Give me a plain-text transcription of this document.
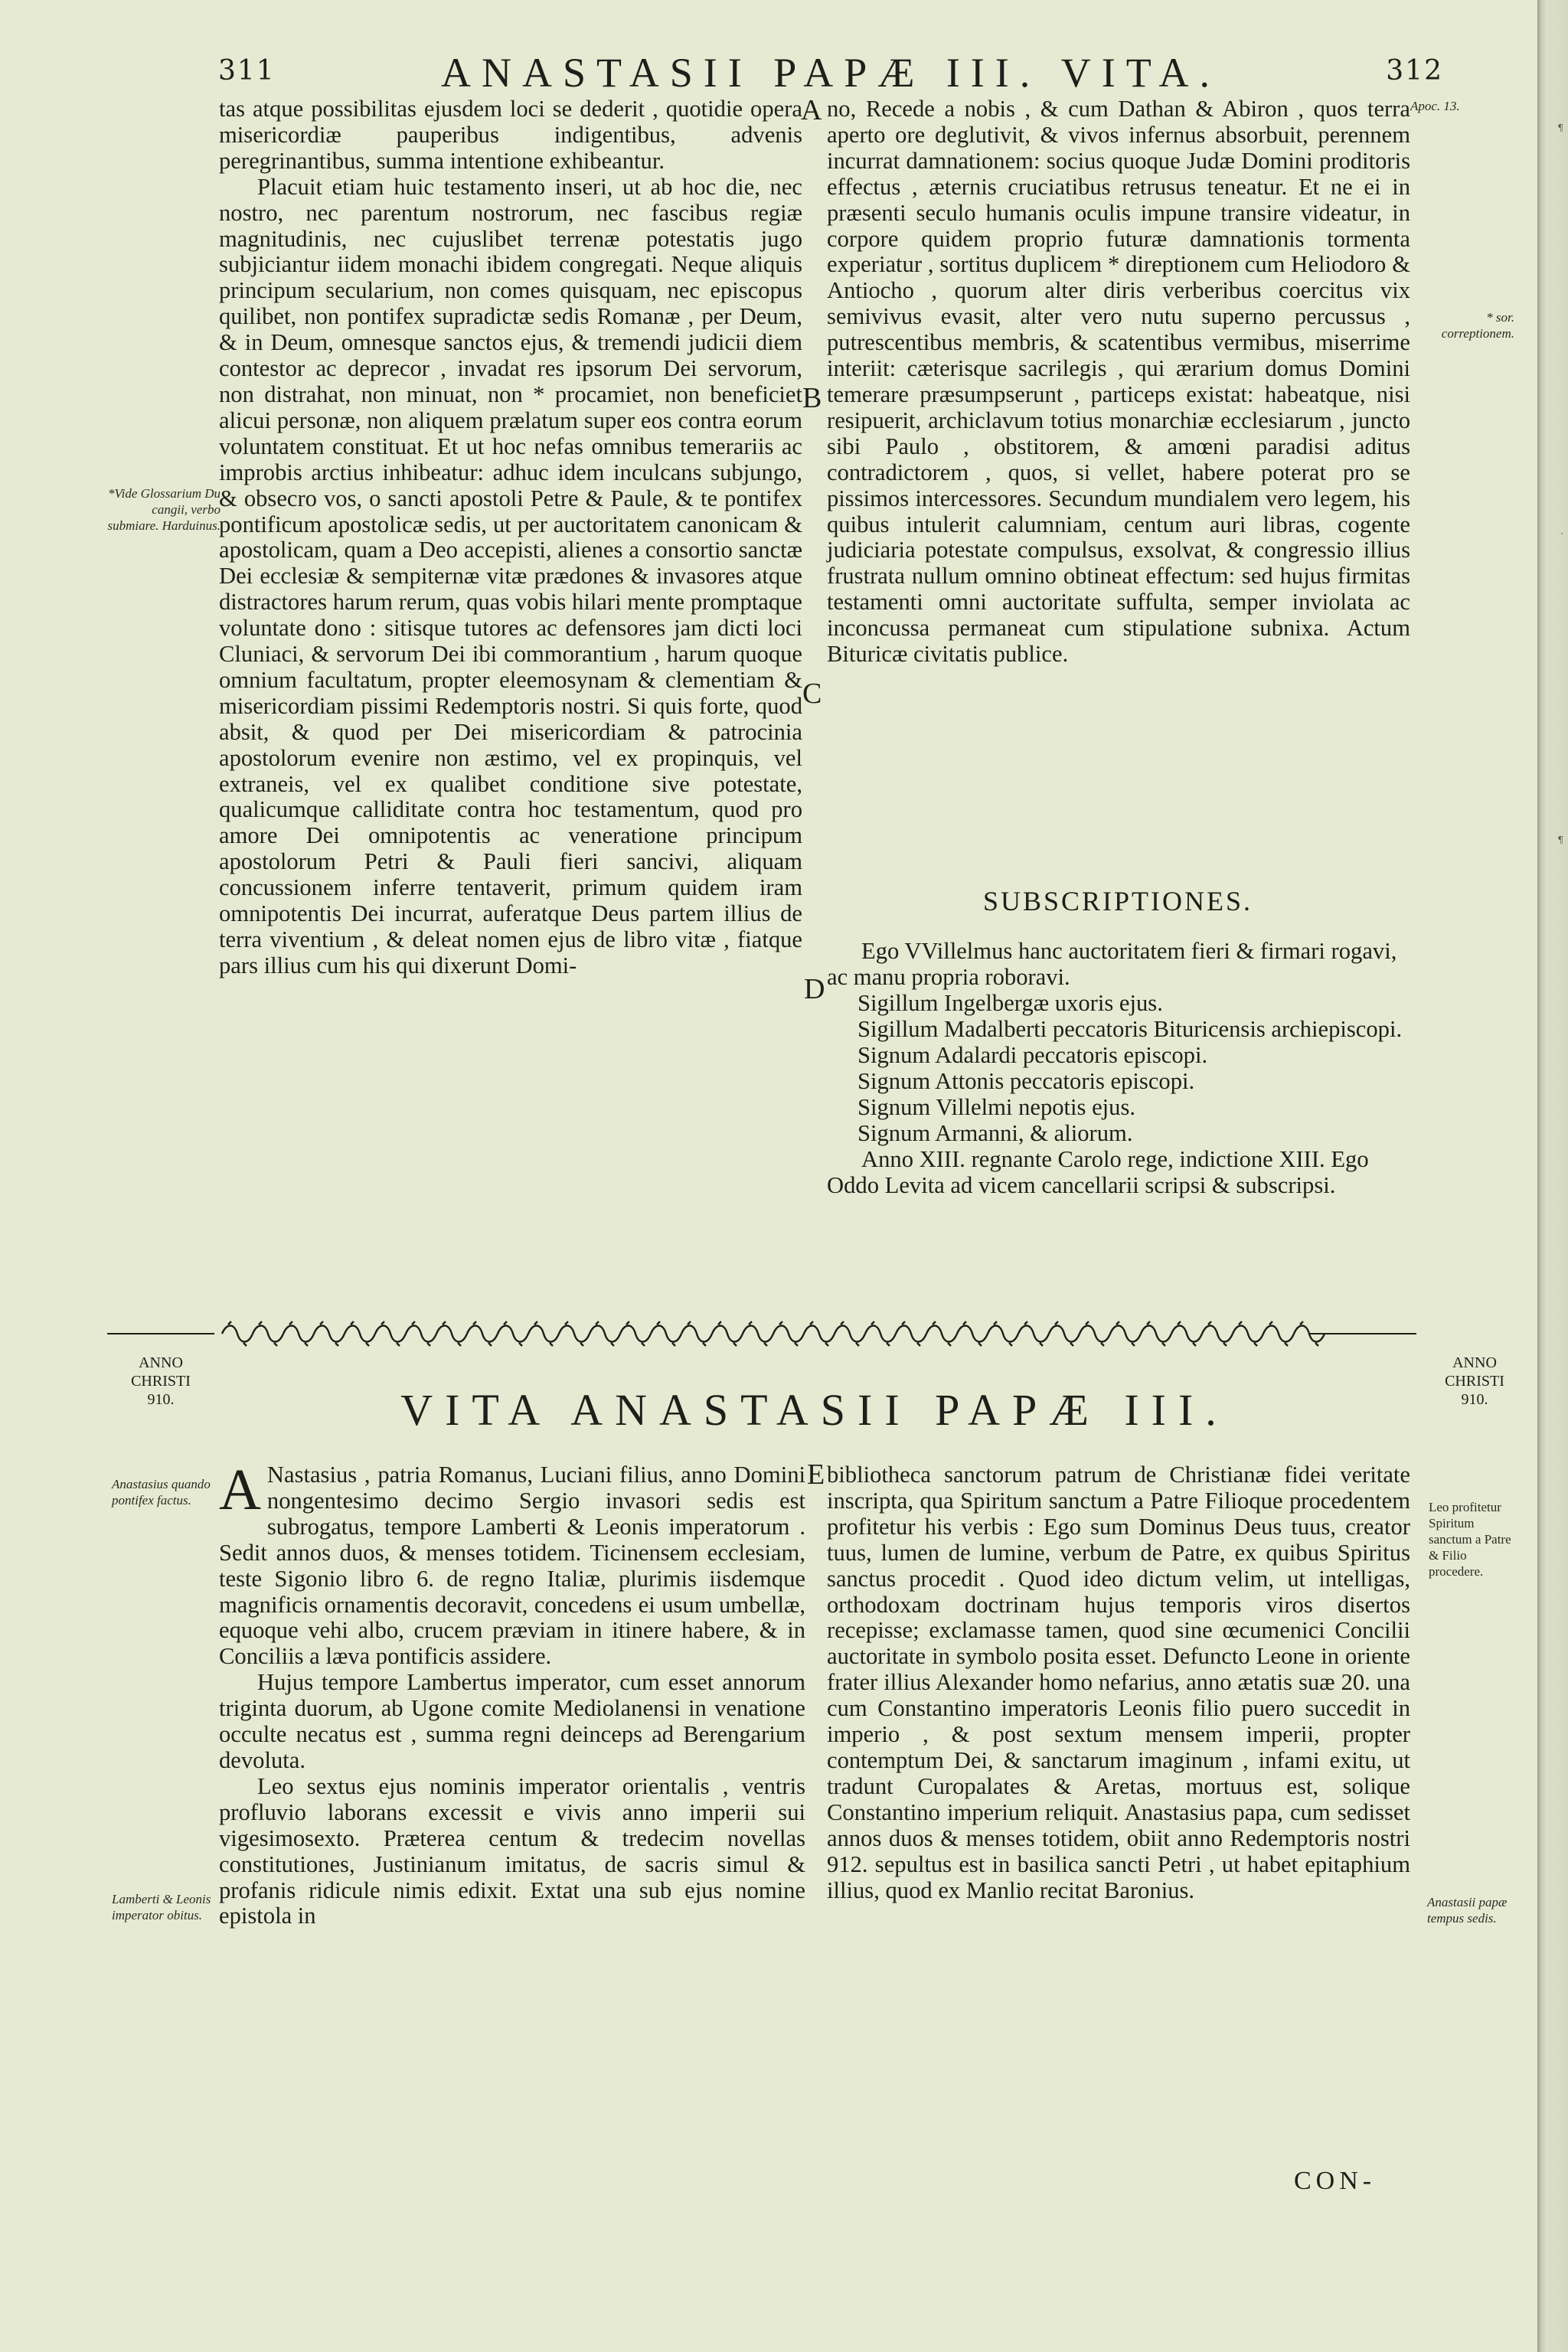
311	ANASTASII PAPÆ III. VITA.	312

tas atque possibilitas ejusdem loci se dederit , quotidie opera misericordiæ pauperibus indigentibus, advenis peregrinantibus, summa intentione exhibeantur.

Placuit etiam huic testamento inseri, ut ab hoc die, nec nostro, nec parentum nostrorum, nec fascibus regiæ magnitudinis, nec cujuslibet terrenæ potestatis jugo subjiciantur iidem monachi ibidem congregati. Neque aliquis principum secularium, non comes quisquam, nec episcopus quilibet, non pontifex supradictæ sedis Romanæ , per Deum, & in Deum, omnesque sanctos ejus, & tremendi judicii diem contestor ac deprecor , invadat res ipsorum Dei servorum, non distrahat, non minuat, non * procamiet, non beneficiet alicui personæ, non aliquem prælatum super eos contra eorum voluntatem constituat. Et ut hoc nefas omnibus temerariis ac improbis arctius inhibeatur: adhuc idem inculcans subjungo, & obsecro vos, o sancti apostoli Petre & Paule, & te pontifex pontificum apostolicæ sedis, ut per auctoritatem canonicam & apostolicam, quam a Deo accepisti, alienes a consortio sanctæ Dei ecclesiæ & sempiternæ vitæ prædones & invasores atque distractores harum rerum, quas vobis hilari mente promptaque voluntate dono : sitisque tutores ac defensores jam dicti loci Cluniaci, & servorum Dei ibi commorantium , harum quoque omnium facultatum, propter eleemosynam & clementiam & misericordiam pissimi Redemptoris nostri. Si quis forte, quod absit, & quod per Dei misericordiam & patrocinia apostolorum evenire non æstimo, vel ex propinquis, vel extraneis, vel ex qualibet conditione sive potestate, qualicumque calliditate contra hoc testamentum, quod pro amore Dei omnipotentis ac veneratione principum apostolorum Petri & Pauli fieri sancivi, aliquam concussionem inferre tentaverit, primum quidem iram omnipotentis Dei incurrat, auferatque Deus partem illius de terra viventium , & deleat nomen ejus de libro vitæ , fiatque pars illius cum his qui dixerunt Domi-

no, Recede a nobis , & cum Dathan & Abiron , quos terra aperto ore deglutivit, & vivos infernus absorbuit, perennem incurrat damnationem: socius quoque Judæ Domini proditoris effectus , æternis cruciatibus retrusus teneatur. Et ne ei in præsenti seculo humanis oculis impune transire videatur, in corpore quidem proprio futuræ damnationis tormenta experiatur , sortitus duplicem * direptionem cum Heliodoro & Antiocho , quorum alter diris verberibus coercitus vix semivivus evasit, alter vero nutu superno percussus , putrescentibus membris, & scatentibus vermibus, miserrime interiit: cæterisque sacrilegis , qui ærarium domus Domini temerare præsumpserunt , particeps existat: habeatque, nisi resipuerit, archiclavum totius monarchiæ ecclesiarum , juncto sibi Paulo , obstitorem, & amœni paradisi aditus contradictorem , quos, si vellet, habere poterat pro se pissimos intercessores. Secundum mundialem vero legem, his quibus intulerit calumniam, centum auri libras, cogente judiciaria potestate compulsus, exsolvat, & congressio illius frustrata nullum omnino obtineat effectum: sed hujus firmitas testamenti omni auctoritate suffulta, semper inviolata ac inconcussa permaneat cum stipulatione subnixa. Actum Bituricæ civitatis publice.

A
B
C
D
E
Apoc. 13.
* sor. correptionem.
*Vide Glossarium Du cangii, verbo submiare. Harduinus.
SUBSCRIPTIONES.

Ego VVillelmus hanc auctoritatem fieri & firmari rogavi, ac manu propria roboravi.

Sigillum Ingelbergæ uxoris ejus.

Sigillum Madalberti peccatoris Bituricensis archiepiscopi.

Signum Adalardi peccatoris episcopi.

Signum Attonis peccatoris episcopi.

Signum Villelmi nepotis ejus.

Signum Armanni, & aliorum.

Anno XIII. regnante Carolo rege, indictione XIII. Ego Oddo Levita ad vicem cancellarii scripsi & subscripsi.

ANNO
CHRISTI
910.
ANNO
CHRISTI
910.
VITA ANASTASII PAPÆ III.

A Nastasius , patria Romanus, Luciani filius, anno Domini nongentesimo decimo Sergio invasori sedis est subrogatus, tempore Lamberti & Leonis imperatorum . Sedit annos duos, & menses totidem. Ticinensem ecclesiam, teste Sigonio libro 6. de regno Italiæ, plurimis iisdemque magnificis ornamentis decoravit, concedens ei usum umbellæ, equoque vehi albo, crucem præviam in itinere habere, & in Conciliis a læva pontificis assidere.

Hujus tempore Lambertus imperator, cum esset annorum triginta duorum, ab Ugone comite Mediolanensi in venatione occulte necatus est , summa regni deinceps ad Berengarium devoluta.

Leo sextus ejus nominis imperator orientalis , ventris profluvio laborans excessit e vivis anno imperii sui vigesimosexto. Præterea centum & tredecim novellas constitutiones, Justinianum imitatus, de sacris simul & profanis ridicule nimis edixit. Extat una sub ejus nomine epistola in

bibliotheca sanctorum patrum de Christianæ fidei veritate inscripta, qua Spiritum sanctum a Patre Filioque procedentem profitetur his verbis : Ego sum Dominus Deus tuus, creator tuus, lumen de lumine, verbum de Patre, ex quibus Spiritus sanctus procedit . Quod ideo dictum velim, ut intelligas, orthodoxam doctrinam hujus temporis viros disertos recepisse; exclamasse tamen, quod sine œcumenici Concilii auctoritate in symbolo posita esset. Defuncto Leone in oriente frater illius Alexander homo nefarius, anno ætatis suæ 20. una cum Constantino imperatoris Leonis filio puero succedit in imperio , & post sextum mensem imperii, propter contemptum Dei, & sanctarum imaginum , infami exitu, ut tradunt Curopalates & Aretas, mortuus est, solique Constantino imperium reliquit. Anastasius papa, cum sedisset annos duos & menses totidem, obiit anno Redemptoris nostri 912. sepultus est in basilica sancti Petri , ut habet epitaphium illius, quod ex Manlio recitat Baronius.

Anastasius quando pontifex factus.
Lamberti & Leonis imperator obitus.
Leo profitetur Spiritum sanctum a Patre & Filio procedere.
Anastasii papæ tempus sedis.
CON-
¶
·
¶
